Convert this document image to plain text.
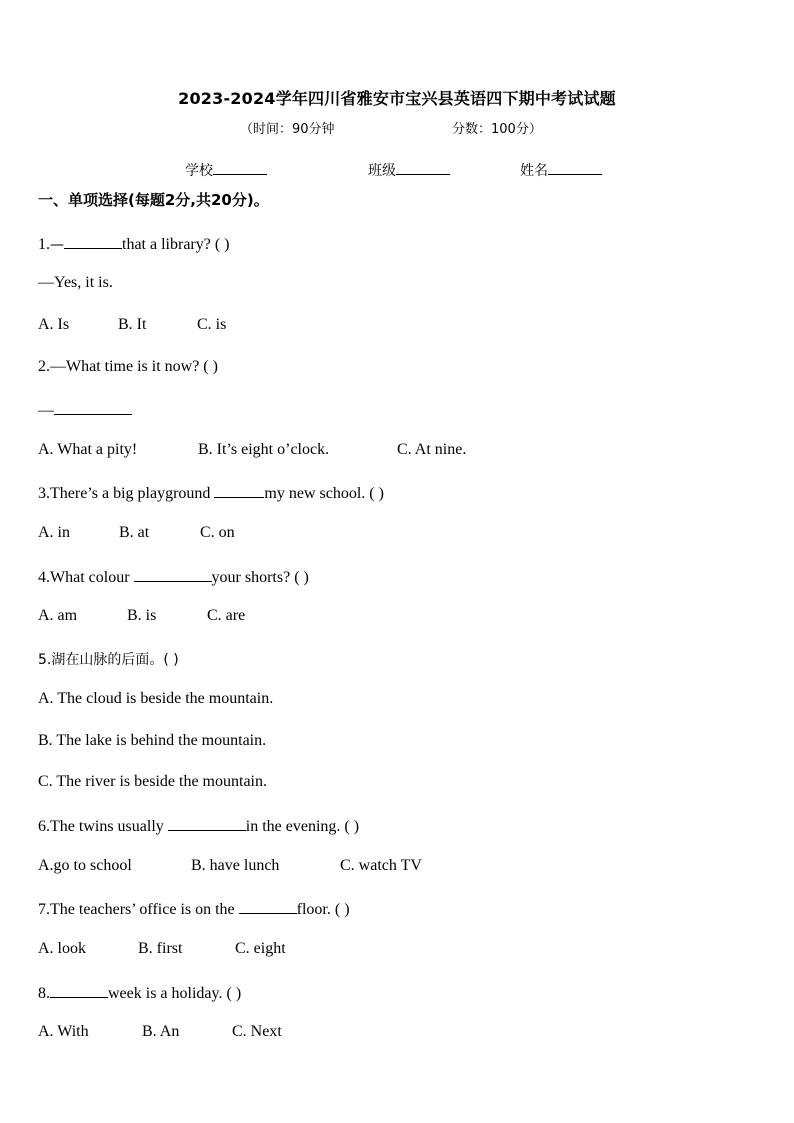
2023-2024学年四川省雅安市宝兴县英语四下期中考试试题
（时间：90分钟	分数：100分）
学校	班级	姓名
一、单项选择(每题2分,共20分)。
1.—	that a library? ( )
—Yes, it is.
A. Is	B. It	C. is
2.—What time is it now? ( )
—
A. What a pity!	B. It’s eight o’clock.	C. At nine.
3.There’s a big playground	my new school. ( )
A. in	B. at	C. on
4.What colour	your shorts? ( )
A. am	B. is	C. are
5.湖在山脉的后面。( )
A. The cloud is beside the mountain.
B. The lake is behind the mountain.
C. The river is beside the mountain.
6.The twins usually	in the evening. ( )
A.go to school	B. have lunch	C. watch TV
7.The teachers’ office is on the	floor. ( )
A. look	B. first	C. eight
8.	week is a holiday. ( )
A. With	B. An	C. Next
